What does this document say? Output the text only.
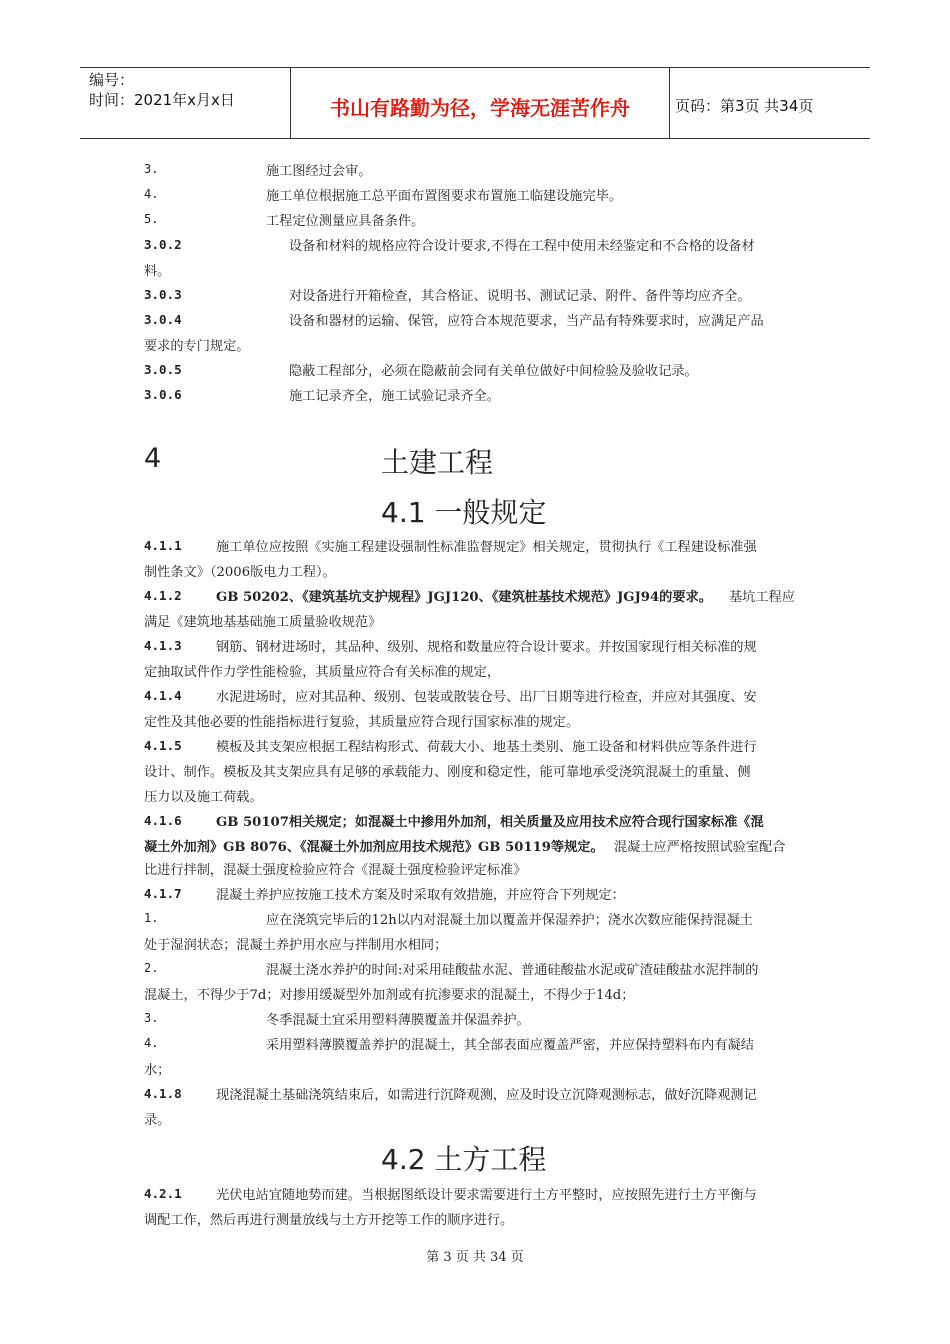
编号：
时间：2021年x月x日	书山有路勤为径，学海无涯苦作舟	页码：第3页 共34页
3.	施工图经过会审。
4.	施工单位根据施工总平面布置图要求布置施工临建设施完毕。
5.	工程定位测量应具备条件。
3.0.2	设备和材料的规格应符合设计要求,不得在工程中使用未经鉴定和不合格的设备材
料。
3.0.3	对设备进行开箱检查，其合格证、说明书、测试记录、附件、备件等均应齐全。
3.0.4	设备和器材的运输、保管，应符合本规范要求，当产品有特殊要求时，应满足产品
要求的专门规定。
3.0.5	隐蔽工程部分，必须在隐蔽前会同有关单位做好中间检验及验收记录。
3.0.6	施工记录齐全，施工试验记录齐全。
4	土建工程
4.1 一般规定
4.1.1	施工单位应按照《实施工程建设强制性标准监督规定》相关规定，贯彻执行《工程建设标准强
制性条文》（2006版电力工程）。
4.1.2	GB 50202、《建筑基坑支护规程》JGJ120、《建筑桩基技术规范》JGJ94的要求。 基坑工程应
满足《建筑地基基础施工质量验收规范》
4.1.3	钢筋、钢材进场时，其品种、级别、规格和数量应符合设计要求。并按国家现行相关标准的规
定抽取试件作力学性能检验，其质量应符合有关标准的规定，
4.1.4	水泥进场时，应对其品种、级别、包装或散装仓号、出厂日期等进行检查，并应对其强度、安
定性及其他必要的性能指标进行复验，其质量应符合现行国家标准的规定。
4.1.5	模板及其支架应根据工程结构形式、荷载大小、地基土类别、施工设备和材料供应等条件进行
设计、制作。模板及其支架应具有足够的承载能力、刚度和稳定性，能可靠地承受浇筑混凝土的重量、侧
压力以及施工荷载。
4.1.6	GB 50107相关规定；如混凝土中掺用外加剂，相关质量及应用技术应符合现行国家标准《混
凝土外加剂》GB 8076、《混凝土外加剂应用技术规范》GB 50119等规定。 混凝土应严格按照试验室配合
比进行拌制，混凝土强度检验应符合《混凝土强度检验评定标准》
4.1.7	混凝土养护应按施工技术方案及时采取有效措施，并应符合下列规定：
1.	应在浇筑完毕后的12h以内对混凝土加以覆盖并保湿养护；浇水次数应能保持混凝土
处于湿润状态；混凝土养护用水应与拌制用水相同；
2.	混凝土浇水养护的时间:对采用硅酸盐水泥、普通硅酸盐水泥或矿渣硅酸盐水泥拌制的
混凝土，不得少于7d；对掺用缓凝型外加剂或有抗渗要求的混凝土，不得少于14d；
3.	冬季混凝土宜采用塑料薄膜覆盖并保温养护。
4.	采用塑料薄膜覆盖养护的混凝土，其全部表面应覆盖严密，并应保持塑料布内有凝结
水；
4.1.8	现浇混凝土基础浇筑结束后，如需进行沉降观测，应及时设立沉降观测标志，做好沉降观测记
录。
4.2 土方工程
4.2.1	光伏电站宜随地势而建。当根据图纸设计要求需要进行土方平整时，应按照先进行土方平衡与
调配工作，然后再进行测量放线与土方开挖等工作的顺序进行。
第 3 页 共 34 页
